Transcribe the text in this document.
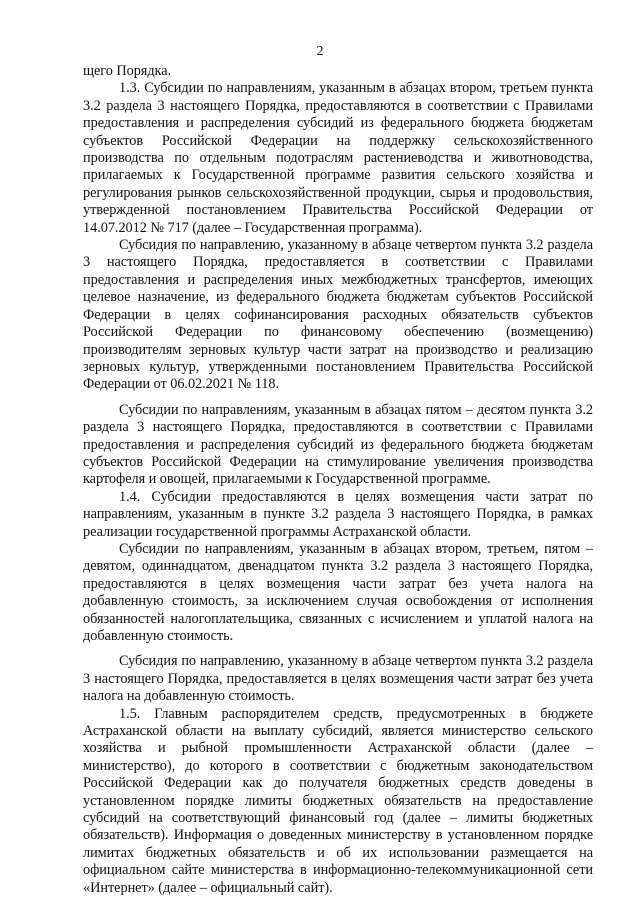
2

щего Порядка.

1.3. Субсидии по направлениям, указанным в абзацах втором, третьем пункта 3.2 раздела 3 настоящего Порядка, предоставляются в соответствии с Правилами предоставления и распределения субсидий из федерального бюджета бюджетам субъектов Российской Федерации на поддержку сельскохозяйственного производства по отдельным подотраслям растениеводства и животноводства, прилагаемых к Государственной программе развития сельского хозяйства и регулирования рынков сельскохозяйственной продукции, сырья и продовольствия, утвержденной постановлением Правительства Российской Федерации от 14.07.2012 № 717 (далее – Государственная программа).

Субсидия по направлению, указанному в абзаце четвертом пункта 3.2 раздела 3 настоящего Порядка, предоставляется в соответствии с Правилами предоставления и распределения иных межбюджетных трансфертов, имеющих целевое назначение, из федерального бюджета бюджетам субъектов Российской Федерации в целях софинансирования расходных обязательств субъектов Российской Федерации по финансовому обеспечению (возмещению) производителям зерновых культур части затрат на производство и реализацию зерновых культур, утвержденными постановлением Правительства Российской Федерации от 06.02.2021 № 118.

Субсидии по направлениям, указанным в абзацах пятом – десятом пункта 3.2 раздела 3 настоящего Порядка, предоставляются в соответствии с Правилами предоставления и распределения субсидий из федерального бюджета бюджетам субъектов Российской Федерации на стимулирование увеличения производства картофеля и овощей, прилагаемыми к Государственной программе.

1.4. Субсидии предоставляются в целях возмещения части затрат по направлениям, указанным в пункте 3.2 раздела 3 настоящего Порядка, в рамках реализации государственной программы Астраханской области.

Субсидии по направлениям, указанным в абзацах втором, третьем, пятом – девятом, одиннадцатом, двенадцатом пункта 3.2 раздела 3 настоящего Порядка, предоставляются в целях возмещения части затрат без учета налога на добавленную стоимость, за исключением случая освобождения от исполнения обязанностей налогоплательщика, связанных с исчислением и уплатой налога на добавленную стоимость.

Субсидия по направлению, указанному в абзаце четвертом пункта 3.2 раздела 3 настоящего Порядка, предоставляется в целях возмещения части затрат без учета налога на добавленную стоимость.

1.5. Главным распорядителем средств, предусмотренных в бюджете Астраханской области на выплату субсидий, является министерство сельского хозяйства и рыбной промышленности Астраханской области (далее – министерство), до которого в соответствии с бюджетным законодательством Российской Федерации как до получателя бюджетных средств доведены в установленном порядке лимиты бюджетных обязательств на предоставление субсидий на соответствующий финансовый год (далее – лимиты бюджетных обязательств). Информация о доведенных министерству в установленном порядке лимитах бюджетных обязательств и об их использовании размещается на официальном сайте министерства в информационно-телекоммуникационной сети «Интернет» (далее – официальный сайт).
